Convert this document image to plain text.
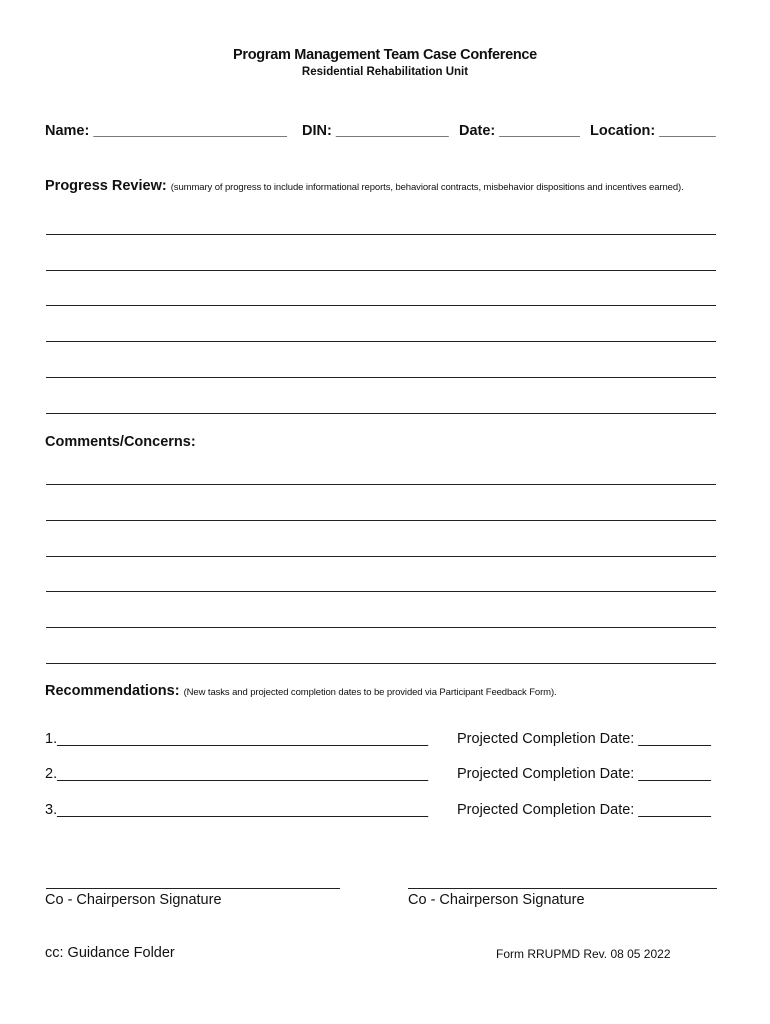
Program Management Team Case Conference
Residential Rehabilitation Unit
Name: ________________________ DIN: ______________ Date: __________ Location: _______
Progress Review: (summary of progress to include informational reports, behavioral contracts, misbehavior dispositions and incentives earned).
Comments/Concerns:
Recommendations: (New tasks and projected completion dates to be provided via Participant Feedback Form).
1.______________________________________________ Projected Completion Date: _________
2.______________________________________________ Projected Completion Date: _________
3.______________________________________________ Projected Completion Date: _________
Co - Chairperson Signature	Co - Chairperson Signature
cc: Guidance Folder	Form RRUPMD Rev. 08 05 2022
